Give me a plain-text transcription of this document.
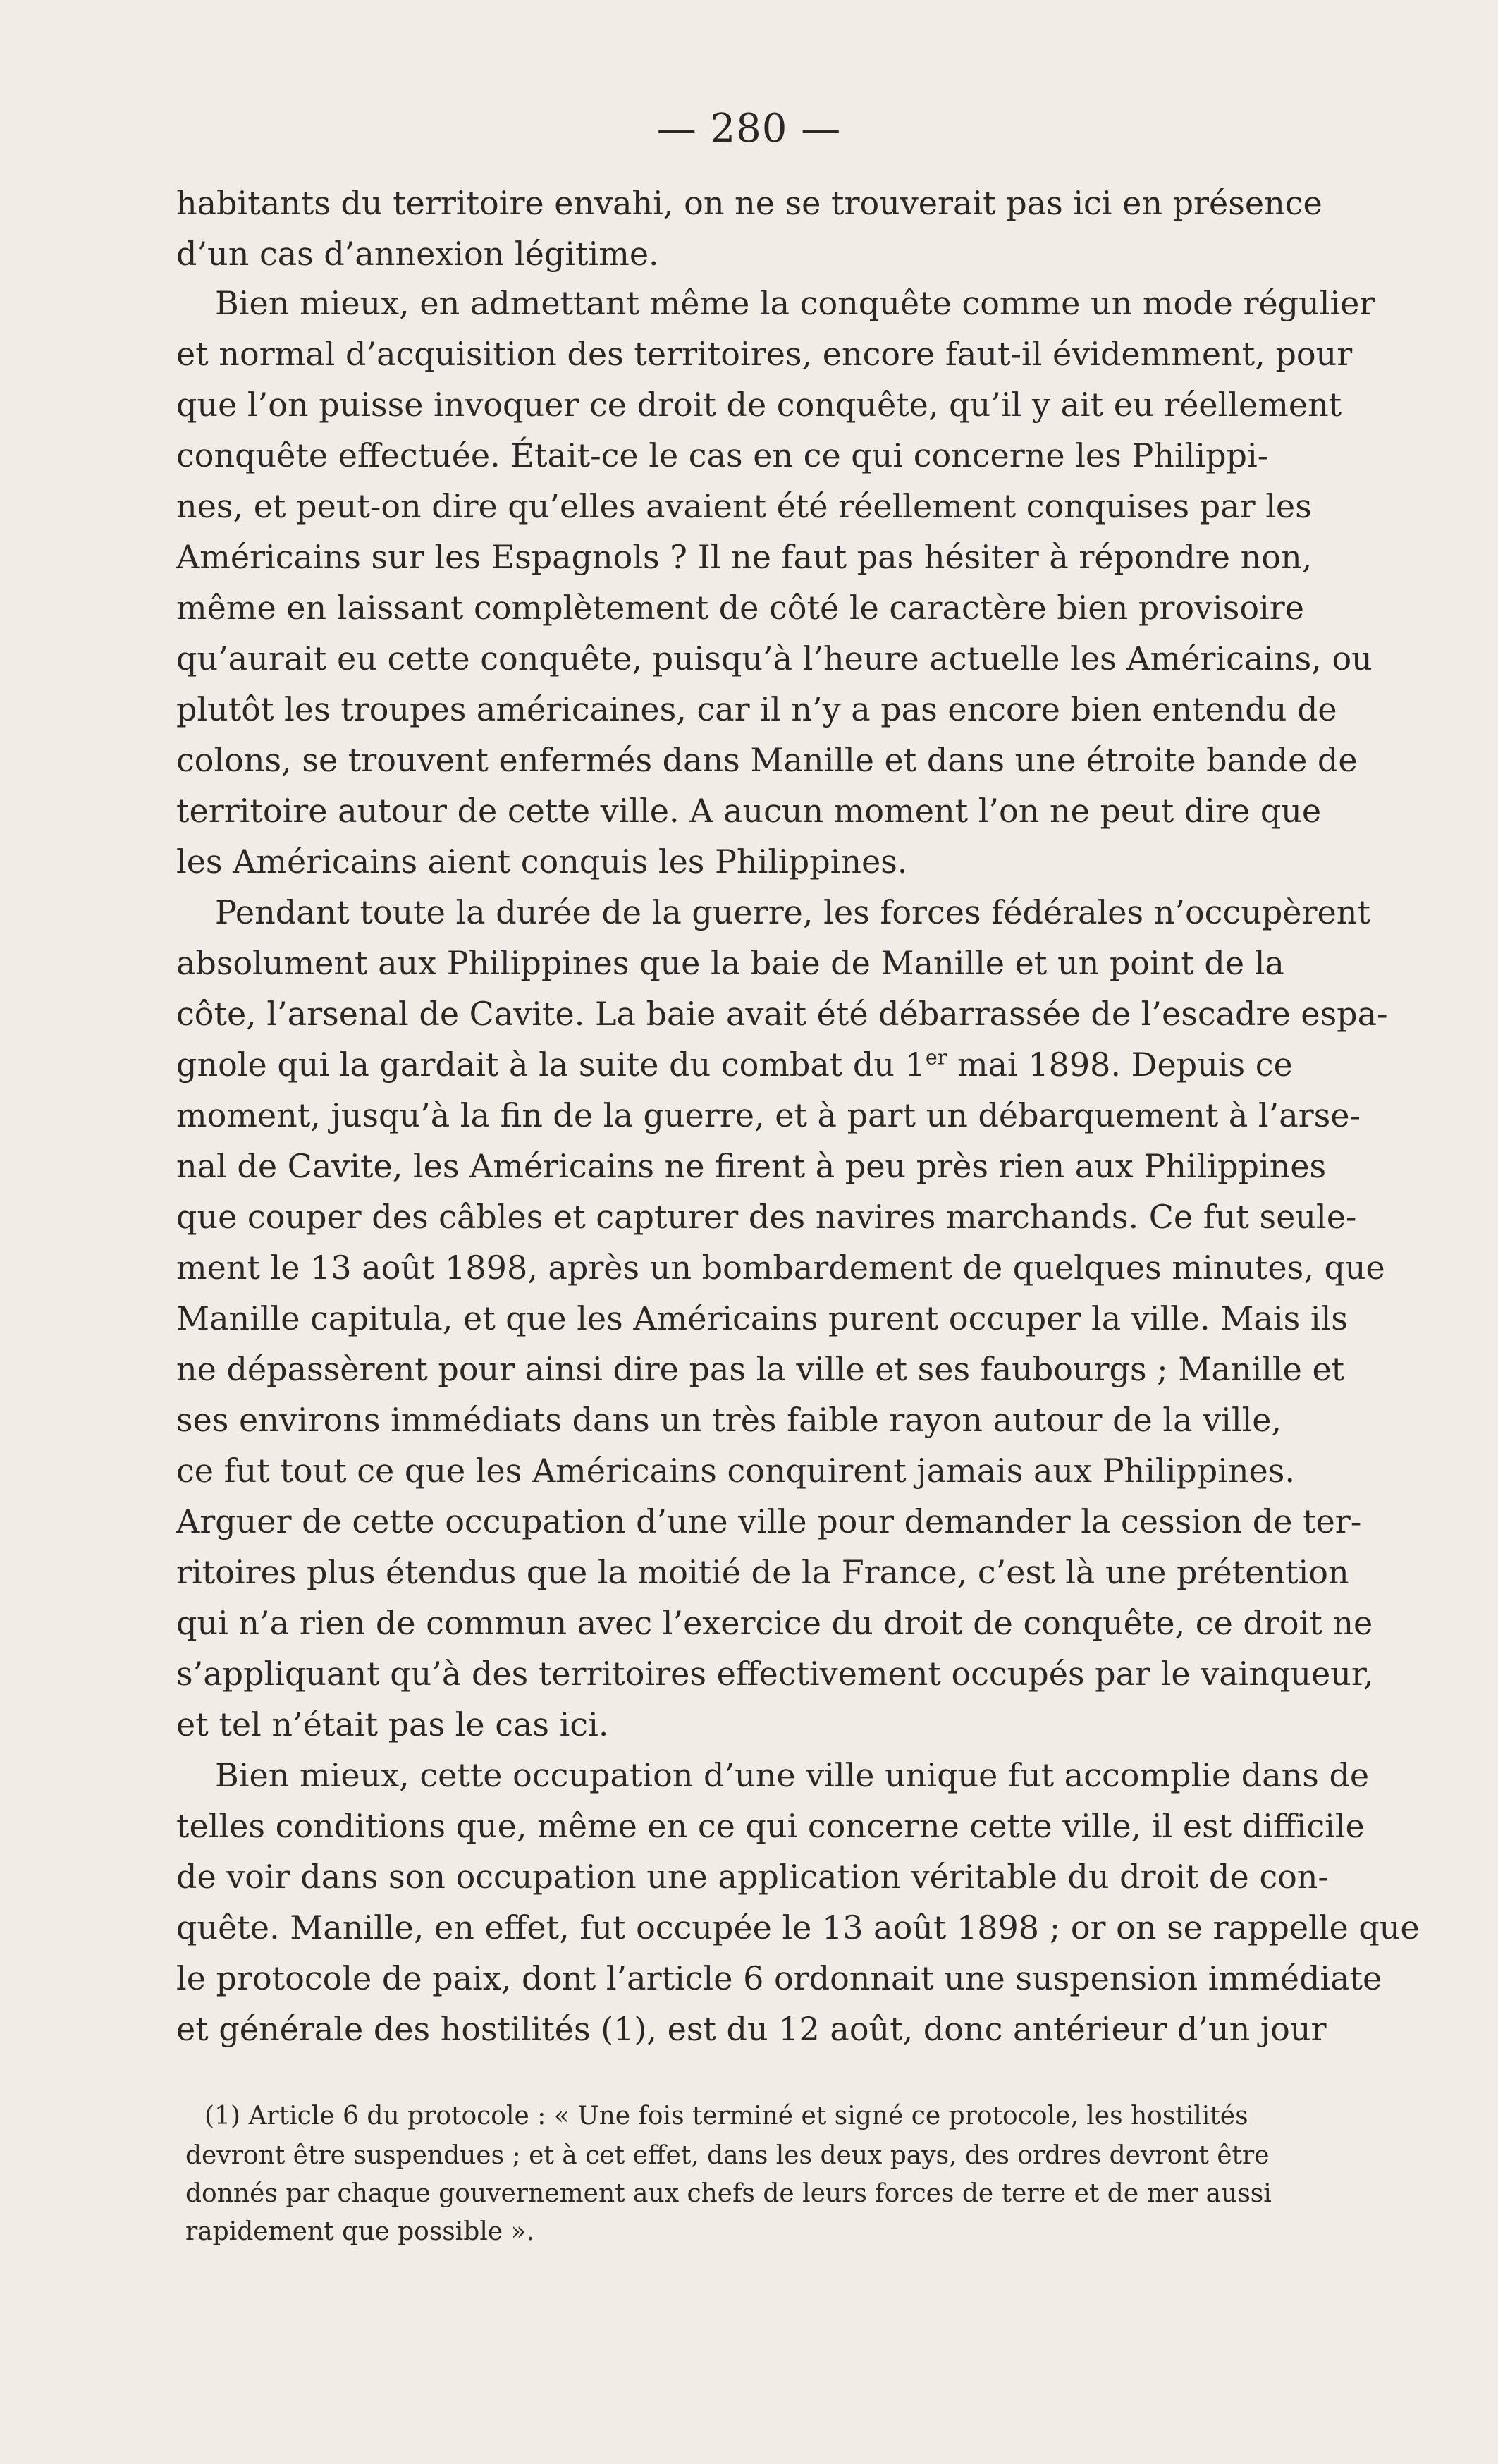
— 280 —
habitants du territoire envahi, on ne se trouverait pas ici en présence
d’un cas d’annexion légitime.
Bien mieux, en admettant même la conquête comme un mode régulier
et normal d’acquisition des territoires, encore faut-il évidemment, pour
que l’on puisse invoquer ce droit de conquête, qu’il y ait eu réellement
conquête effectuée. Était-ce le cas en ce qui concerne les Philippi-
nes, et peut-on dire qu’elles avaient été réellement conquises par les
Américains sur les Espagnols ? Il ne faut pas hésiter à répondre non,
même en laissant complètement de côté le caractère bien provisoire
qu’aurait eu cette conquête, puisqu’à l’heure actuelle les Américains, ou
plutôt les troupes américaines, car il n’y a pas encore bien entendu de
colons, se trouvent enfermés dans Manille et dans une étroite bande de
territoire autour de cette ville. A aucun moment l’on ne peut dire que
les Américains aient conquis les Philippines.
Pendant toute la durée de la guerre, les forces fédérales n’occupèrent
absolument aux Philippines que la baie de Manille et un point de la
côte, l’arsenal de Cavite. La baie avait été débarrassée de l’escadre espa-
gnole qui la gardait à la suite du combat du 1er mai 1898. Depuis ce
moment, jusqu’à la fin de la guerre, et à part un débarquement à l’arse-
nal de Cavite, les Américains ne firent à peu près rien aux Philippines
que couper des câbles et capturer des navires marchands. Ce fut seule-
ment le 13 août 1898, après un bombardement de quelques minutes, que
Manille capitula, et que les Américains purent occuper la ville. Mais ils
ne dépassèrent pour ainsi dire pas la ville et ses faubourgs ; Manille et
ses environs immédiats dans un très faible rayon autour de la ville,
ce fut tout ce que les Américains conquirent jamais aux Philippines.
Arguer de cette occupation d’une ville pour demander la cession de ter-
ritoires plus étendus que la moitié de la France, c’est là une prétention
qui n’a rien de commun avec l’exercice du droit de conquête, ce droit ne
s’appliquant qu’à des territoires effectivement occupés par le vainqueur,
et tel n’était pas le cas ici.
Bien mieux, cette occupation d’une ville unique fut accomplie dans de
telles conditions que, même en ce qui concerne cette ville, il est difficile
de voir dans son occupation une application véritable du droit de con-
quête. Manille, en effet, fut occupée le 13 août 1898 ; or on se rappelle que
le protocole de paix, dont l’article 6 ordonnait une suspension immédiate
et générale des hostilités (1), est du 12 août, donc antérieur d’un jour
(1) Article 6 du protocole : « Une fois terminé et signé ce protocole, les hostilités
devront être suspendues ; et à cet effet, dans les deux pays, des ordres devront être
donnés par chaque gouvernement aux chefs de leurs forces de terre et de mer aussi
rapidement que possible ».
